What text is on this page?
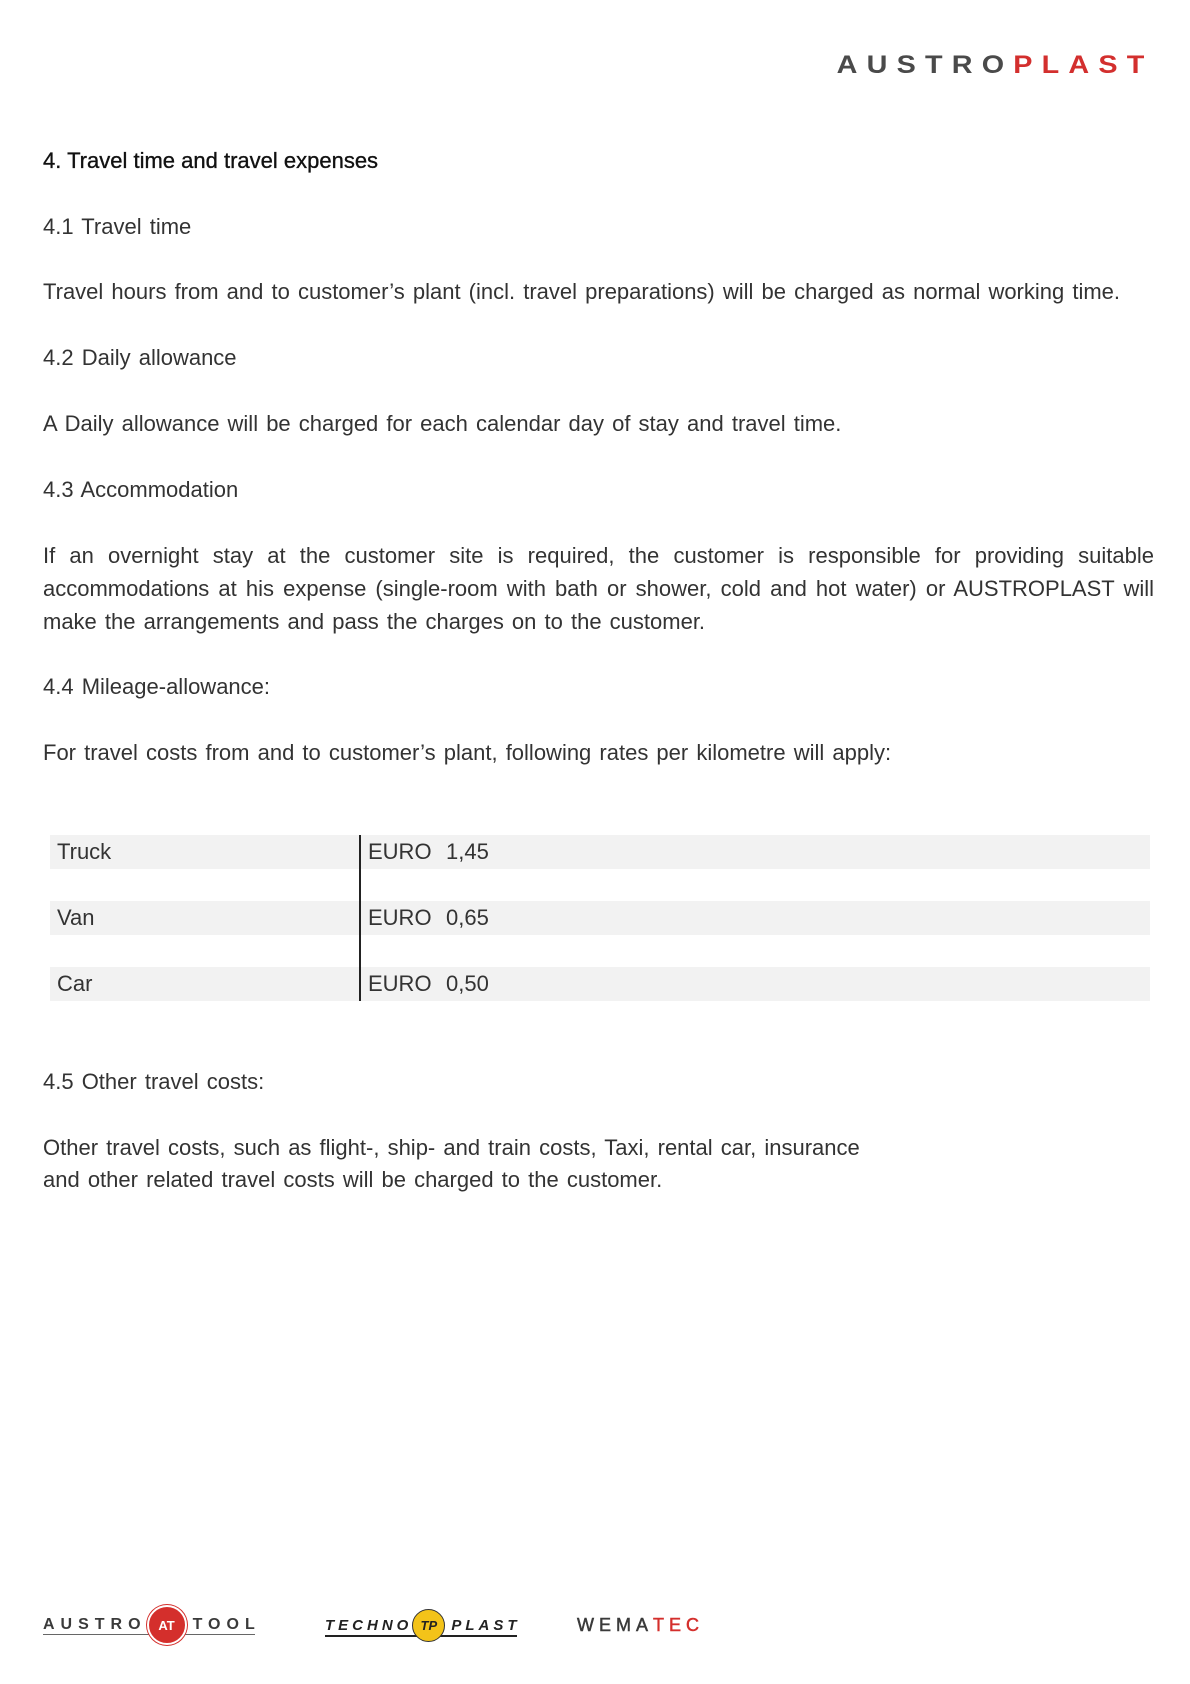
AUSTROPLAST
4. Travel time and travel expenses
4.1 Travel time
Travel hours from and to customer’s plant (incl. travel preparations) will be charged as normal working time.
4.2 Daily allowance
A Daily allowance will be charged for each calendar day of stay and travel time.
4.3 Accommodation
If an overnight stay at the customer site is required, the customer is responsible for providing suitable
accommodations at his expense (single-room with bath or shower, cold and hot water) or AUSTROPLAST will
make the arrangements and pass the charges on to the customer.
4.4 Mileage-allowance:
For travel costs from and to customer’s plant, following rates per kilometre will apply:
Truck	EURO 1,45
Van	EURO 0,65
Car	EURO 0,50
4.5 Other travel costs:
Other travel costs, such as flight-, ship- and train costs, Taxi, rental car, insurance
and other related travel costs will be charged to the customer.
AUSTRO AT	TOOL	TECHNO TP PLAST	WEMA TEC
